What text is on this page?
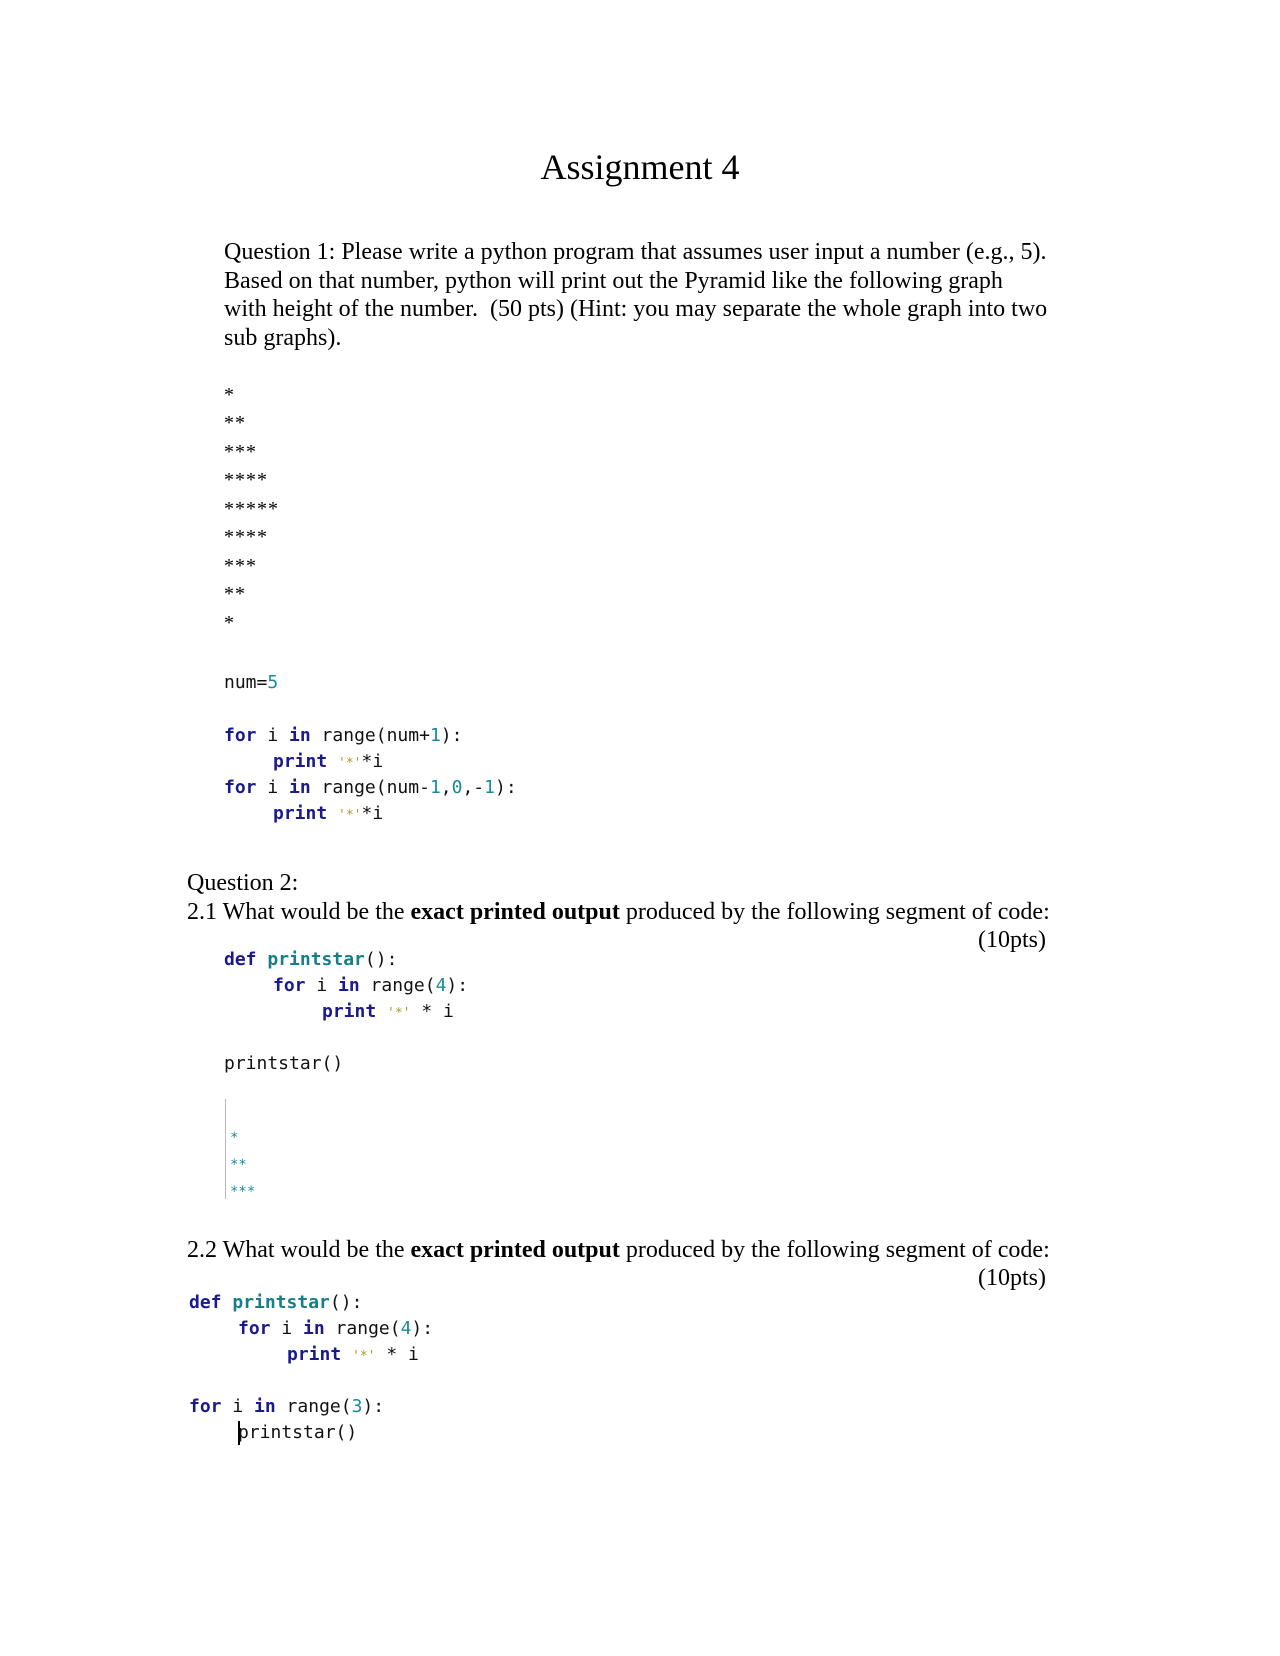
Assignment 4
Question 1: Please write a python program that assumes user input a number (e.g., 5).
Based on that number, python will print out the Pyramid like the following graph
with height of the number.  (50 pts) (Hint: you may separate the whole graph into two
sub graphs).
*
**
***
****
*****
****
***
**
*
num=5
for i in range(num+1):
print '*'*i
for i in range(num-1,0,-1):
print '*'*i
Question 2:
2.1 What would be the exact printed output produced by the following segment of code:
(10pts)
def printstar():
for i in range(4):
print '*' * i
printstar()
*
**
***
2.2 What would be the exact printed output produced by the following segment of code:
(10pts)
def printstar():
for i in range(4):
print '*' * i
for i in range(3):
printstar()
